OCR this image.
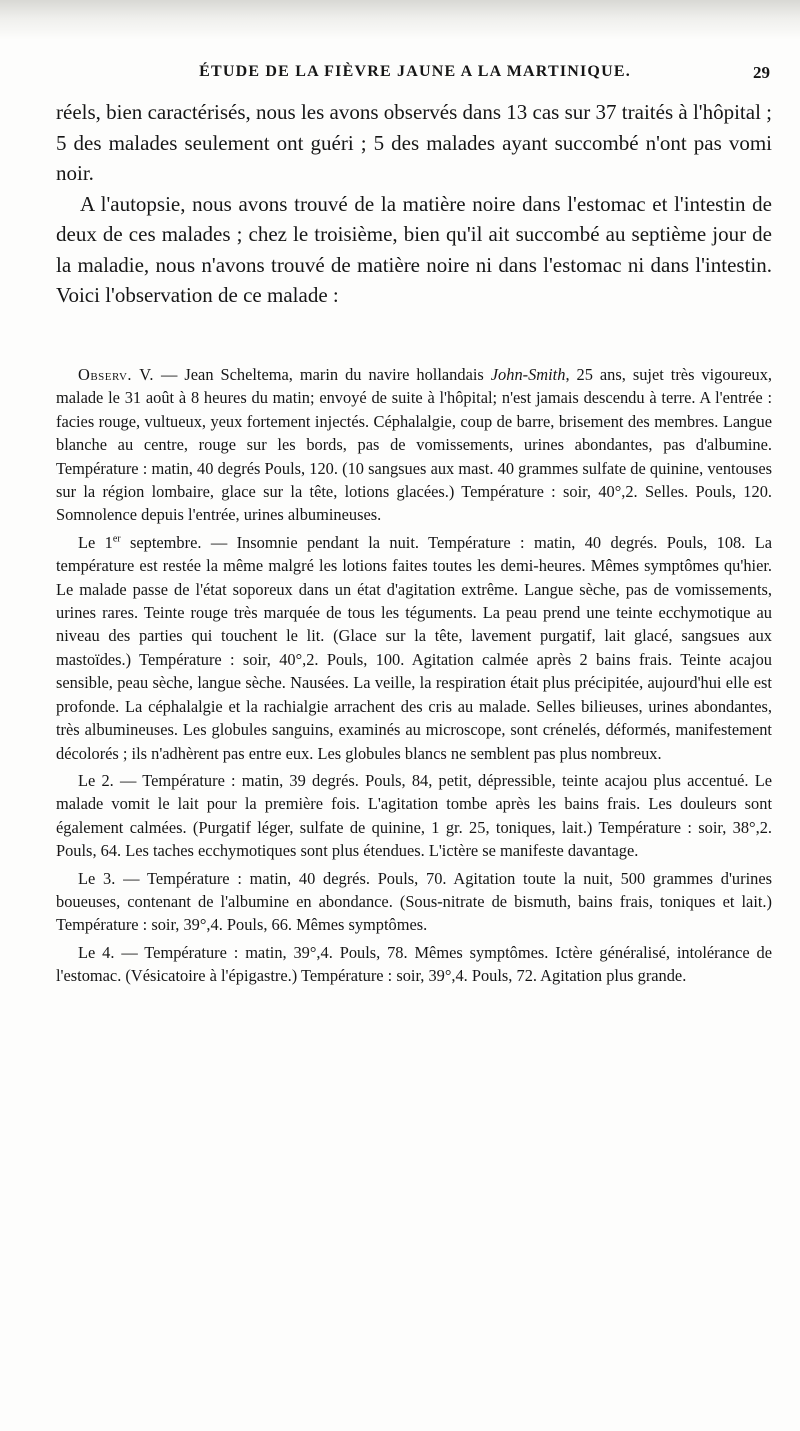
ÉTUDE DE LA FIÈVRE JAUNE A LA MARTINIQUE.	29

réels, bien caractérisés, nous les avons observés dans 13 cas sur 37 traités à l'hôpital ; 5 des malades seulement ont guéri ; 5 des malades ayant succombé n'ont pas vomi noir.

A l'autopsie, nous avons trouvé de la matière noire dans l'estomac et l'intestin de deux de ces malades ; chez le troisième, bien qu'il ait succombé au septième jour de la maladie, nous n'avons trouvé de matière noire ni dans l'estomac ni dans l'intestin. Voici l'observation de ce malade :

Observ. V. — Jean Scheltema, marin du navire hollandais John-Smith, 25 ans, sujet très vigoureux, malade le 31 août à 8 heures du matin; envoyé de suite à l'hôpital; n'est jamais descendu à terre. A l'entrée : facies rouge, vultueux, yeux fortement injectés. Céphalalgie, coup de barre, brisement des membres. Langue blanche au centre, rouge sur les bords, pas de vomissements, urines abondantes, pas d'albumine. Température : matin, 40 degrés Pouls, 120. (10 sangsues aux mast. 40 grammes sulfate de quinine, ventouses sur la région lombaire, glace sur la tête, lotions glacées.) Température : soir, 40°,2. Selles. Pouls, 120. Somnolence depuis l'entrée, urines albumineuses.

Le 1er septembre. — Insomnie pendant la nuit. Température : matin, 40 degrés. Pouls, 108. La température est restée la même malgré les lotions faites toutes les demi-heures. Mêmes symptômes qu'hier. Le malade passe de l'état soporeux dans un état d'agitation extrême. Langue sèche, pas de vomissements, urines rares. Teinte rouge très marquée de tous les téguments. La peau prend une teinte ecchymotique au niveau des parties qui touchent le lit. (Glace sur la tête, lavement purgatif, lait glacé, sangsues aux mastoïdes.) Température : soir, 40°,2. Pouls, 100. Agitation calmée après 2 bains frais. Teinte acajou sensible, peau sèche, langue sèche. Nausées. La veille, la respiration était plus précipitée, aujourd'hui elle est profonde. La céphalalgie et la rachialgie arrachent des cris au malade. Selles bilieuses, urines abondantes, très albumineuses. Les globules sanguins, examinés au microscope, sont crénelés, déformés, manifestement décolorés ; ils n'adhèrent pas entre eux. Les globules blancs ne semblent pas plus nombreux.

Le 2. — Température : matin, 39 degrés. Pouls, 84, petit, dépressible, teinte acajou plus accentué. Le malade vomit le lait pour la première fois. L'agitation tombe après les bains frais. Les douleurs sont également calmées. (Purgatif léger, sulfate de quinine, 1 gr. 25, toniques, lait.) Température : soir, 38°,2. Pouls, 64. Les taches ecchymotiques sont plus étendues. L'ictère se manifeste davantage.

Le 3. — Température : matin, 40 degrés. Pouls, 70. Agitation toute la nuit, 500 grammes d'urines boueuses, contenant de l'albumine en abondance. (Sous-nitrate de bismuth, bains frais, toniques et lait.) Température : soir, 39°,4. Pouls, 66. Mêmes symptômes.

Le 4. — Température : matin, 39°,4. Pouls, 78. Mêmes symptômes. Ictère généralisé, intolérance de l'estomac. (Vésicatoire à l'épigastre.) Température : soir, 39°,4. Pouls, 72. Agitation plus grande.
